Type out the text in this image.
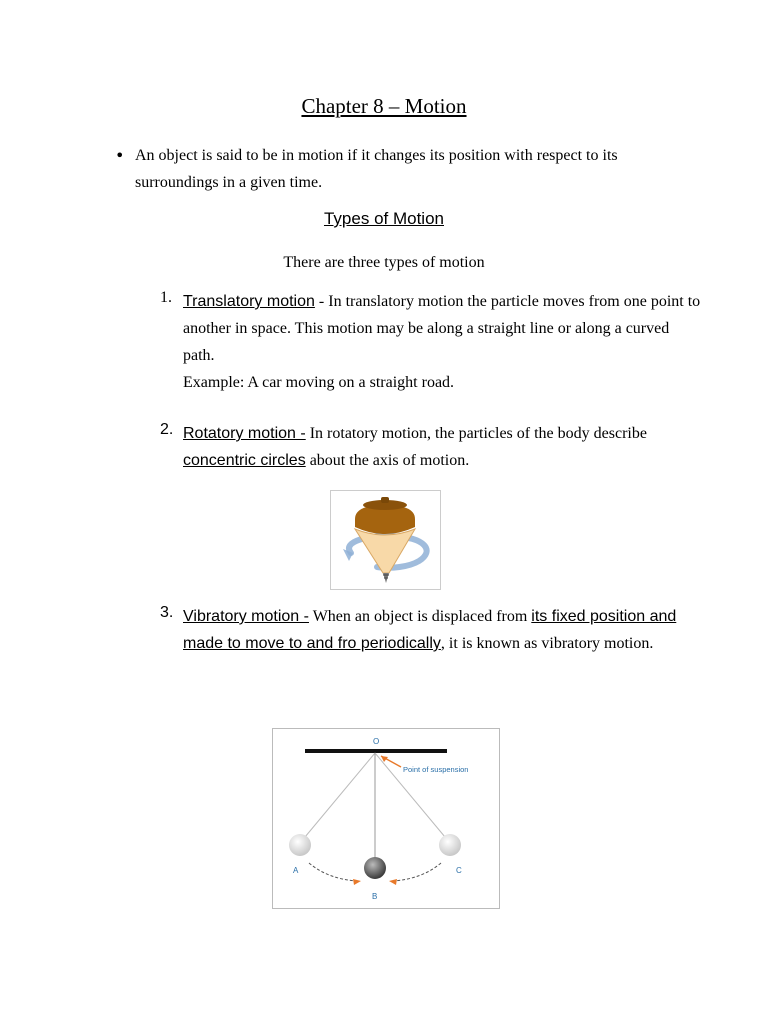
Chapter 8 – Motion
• An object is said to be in motion if it changes its position with respect to its surroundings in a given time.
Types of Motion
There are three types of motion
1. Translatory motion - In translatory motion the particle moves from one point to another in space. This motion may be along a straight line or along a curved path.
Example: A car moving on a straight road.
2. Rotatory motion - In rotatory motion, the particles of the body describe concentric circles about the axis of motion.
3. Vibratory motion - When an object is displaced from its fixed position and made to move to and fro periodically, it is known as vibratory motion.
O
Point of suspension
A
B
C
